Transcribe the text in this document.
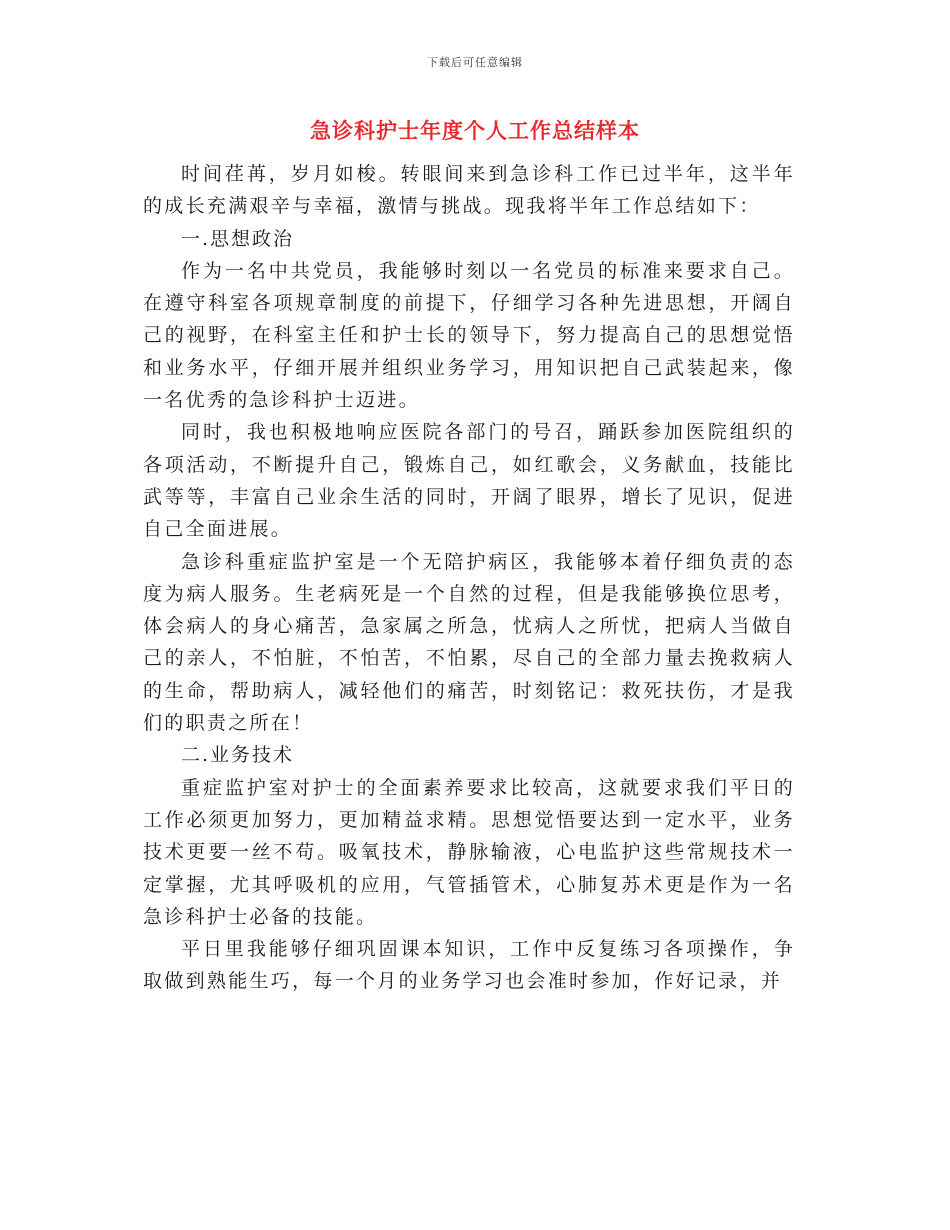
下载后可任意编辑
急诊科护士年度个人工作总结样本

时间荏苒，岁月如梭。转眼间来到急诊科工作已过半年，这半年的成长充满艰辛与幸福，激情与挑战。现我将半年工作总结如下：

一.思想政治

作为一名中共党员，我能够时刻以一名党员的标准来要求自己。在遵守科室各项规章制度的前提下，仔细学习各种先进思想，开阔自己的视野，在科室主任和护士长的领导下，努力提高自己的思想觉悟和业务水平，仔细开展并组织业务学习，用知识把自己武装起来，像一名优秀的急诊科护士迈进。

同时，我也积极地响应医院各部门的号召，踊跃参加医院组织的各项活动，不断提升自己，锻炼自己，如红歌会，义务献血，技能比武等等，丰富自己业余生活的同时，开阔了眼界，增长了见识，促进自己全面进展。

急诊科重症监护室是一个无陪护病区，我能够本着仔细负责的态度为病人服务。生老病死是一个自然的过程，但是我能够换位思考，体会病人的身心痛苦，急家属之所急，忧病人之所忧，把病人当做自己的亲人，不怕脏，不怕苦，不怕累，尽自己的全部力量去挽救病人的生命，帮助病人，减轻他们的痛苦，时刻铭记：救死扶伤，才是我们的职责之所在！

二.业务技术

重症监护室对护士的全面素养要求比较高，这就要求我们平日的工作必须更加努力，更加精益求精。思想觉悟要达到一定水平，业务技术更要一丝不苟。吸氧技术，静脉输液，心电监护这些常规技术一定掌握，尤其呼吸机的应用，气管插管术，心肺复苏术更是作为一名急诊科护士必备的技能。

平日里我能够仔细巩固课本知识，工作中反复练习各项操作，争取做到熟能生巧，每一个月的业务学习也会准时参加，作好记录，并
